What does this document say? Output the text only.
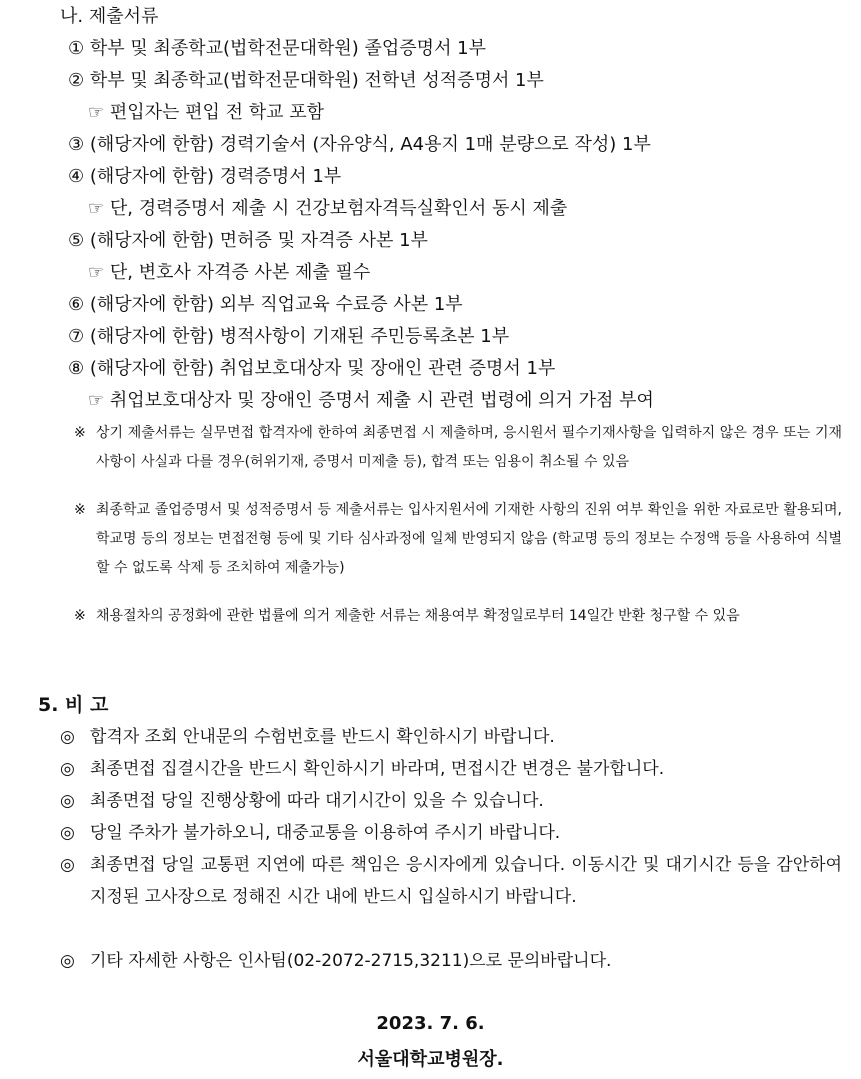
나. 제출서류
① 학부 및 최종학교(법학전문대학원) 졸업증명서 1부
② 학부 및 최종학교(법학전문대학원) 전학년 성적증명서 1부
☞ 편입자는 편입 전 학교 포함
③ (해당자에 한함) 경력기술서 (자유양식, A4용지 1매 분량으로 작성) 1부
④ (해당자에 한함) 경력증명서 1부
☞ 단, 경력증명서 제출 시 건강보험자격득실확인서 동시 제출
⑤ (해당자에 한함) 면허증 및 자격증 사본 1부
☞ 단, 변호사 자격증 사본 제출 필수
⑥ (해당자에 한함) 외부 직업교육 수료증 사본 1부
⑦ (해당자에 한함) 병적사항이 기재된 주민등록초본 1부
⑧ (해당자에 한함) 취업보호대상자 및 장애인 관련 증명서 1부
☞ 취업보호대상자 및 장애인 증명서 제출 시 관련 법령에 의거 가점 부여
※ 상기 제출서류는 실무면접 합격자에 한하여 최종면접 시 제출하며, 응시원서 필수기재사항을 입력하지 않은 경우 또는 기재사항이 사실과 다를 경우(허위기재, 증명서 미제출 등), 합격 또는 임용이 취소될 수 있음
※ 최종학교 졸업증명서 및 성적증명서 등 제출서류는 입사지원서에 기재한 사항의 진위 여부 확인을 위한 자료로만 활용되며, 학교명 등의 정보는 면접전형 등에 및 기타 심사과정에 일체 반영되지 않음 (학교명 등의 정보는 수정액 등을 사용하여 식별할 수 없도록 삭제 등 조치하여 제출가능)
※ 채용절차의 공정화에 관한 법률에 의거 제출한 서류는 채용여부 확정일로부터 14일간 반환 청구할 수 있음
5. 비 고
◎ 합격자 조회 안내문의 수험번호를 반드시 확인하시기 바랍니다.
◎ 최종면접 집결시간을 반드시 확인하시기 바라며, 면접시간 변경은 불가합니다.
◎ 최종면접 당일 진행상황에 따라 대기시간이 있을 수 있습니다.
◎ 당일 주차가 불가하오니, 대중교통을 이용하여 주시기 바랍니다.
◎ 최종면접 당일 교통편 지연에 따른 책임은 응시자에게 있습니다. 이동시간 및 대기시간 등을 감안하여 지정된 고사장으로 정해진 시간 내에 반드시 입실하시기 바랍니다.
◎ 기타 자세한 사항은 인사팀(02-2072-2715,3211)으로 문의바랍니다.
2023. 7. 6.
서울대학교병원장.
